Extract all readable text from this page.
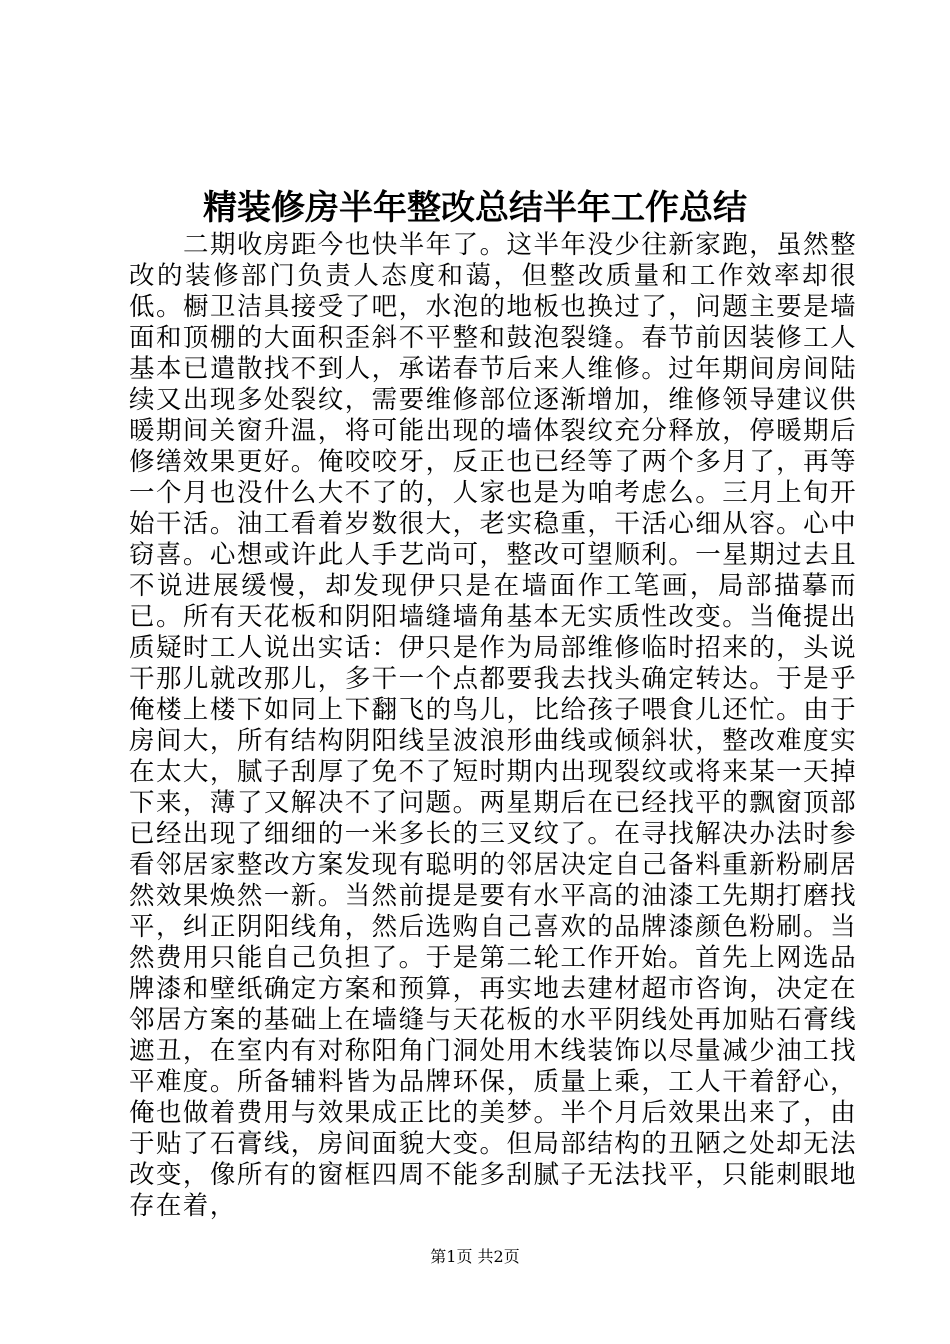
精装修房半年整改总结半年工作总结

二期收房距今也快半年了。这半年没少往新家跑，虽然整改的装修部门负责人态度和蔼，但整改质量和工作效率却很低。橱卫洁具接受了吧，水泡的地板也换过了，问题主要是墙面和顶棚的大面积歪斜不平整和鼓泡裂缝。春节前因装修工人基本已遣散找不到人，承诺春节后来人维修。过年期间房间陆续又出现多处裂纹，需要维修部位逐渐增加，维修领导建议供暖期间关窗升温，将可能出现的墙体裂纹充分释放，停暖期后修缮效果更好。俺咬咬牙，反正也已经等了两个多月了，再等一个月也没什么大不了的，人家也是为咱考虑么。三月上旬开始干活。油工看着岁数很大，老实稳重，干活心细从容。心中窃喜。心想或许此人手艺尚可，整改可望顺利。一星期过去且不说进展缓慢，却发现伊只是在墙面作工笔画，局部描摹而已。所有天花板和阴阳墙缝墙角基本无实质性改变。当俺提出质疑时工人说出实话：伊只是作为局部维修临时招来的，头说干那儿就改那儿，多干一个点都要我去找头确定转达。于是乎俺楼上楼下如同上下翻飞的鸟儿，比给孩子喂食儿还忙。由于房间大，所有结构阴阳线呈波浪形曲线或倾斜状，整改难度实在太大，腻子刮厚了免不了短时期内出现裂纹或将来某一天掉下来，薄了又解决不了问题。两星期后在已经找平的飘窗顶部已经出现了细细的一米多长的三叉纹了。在寻找解决办法时参看邻居家整改方案发现有聪明的邻居决定自己备料重新粉刷居然效果焕然一新。当然前提是要有水平高的油漆工先期打磨找平，纠正阴阳线角，然后选购自己喜欢的品牌漆颜色粉刷。当然费用只能自己负担了。于是第二轮工作开始。首先上网选品牌漆和壁纸确定方案和预算，再实地去建材超市咨询，决定在邻居方案的基础上在墙缝与天花板的水平阴线处再加贴石膏线遮丑，在室内有对称阳角门洞处用木线装饰以尽量减少油工找平难度。所备辅料皆为品牌环保，质量上乘，工人干着舒心，俺也做着费用与效果成正比的美梦。半个月后效果出来了，由于贴了石膏线，房间面貌大变。但局部结构的丑陋之处却无法改变，像所有的窗框四周不能多刮腻子无法找平，只能刺眼地存在着，

第1页 共2页
